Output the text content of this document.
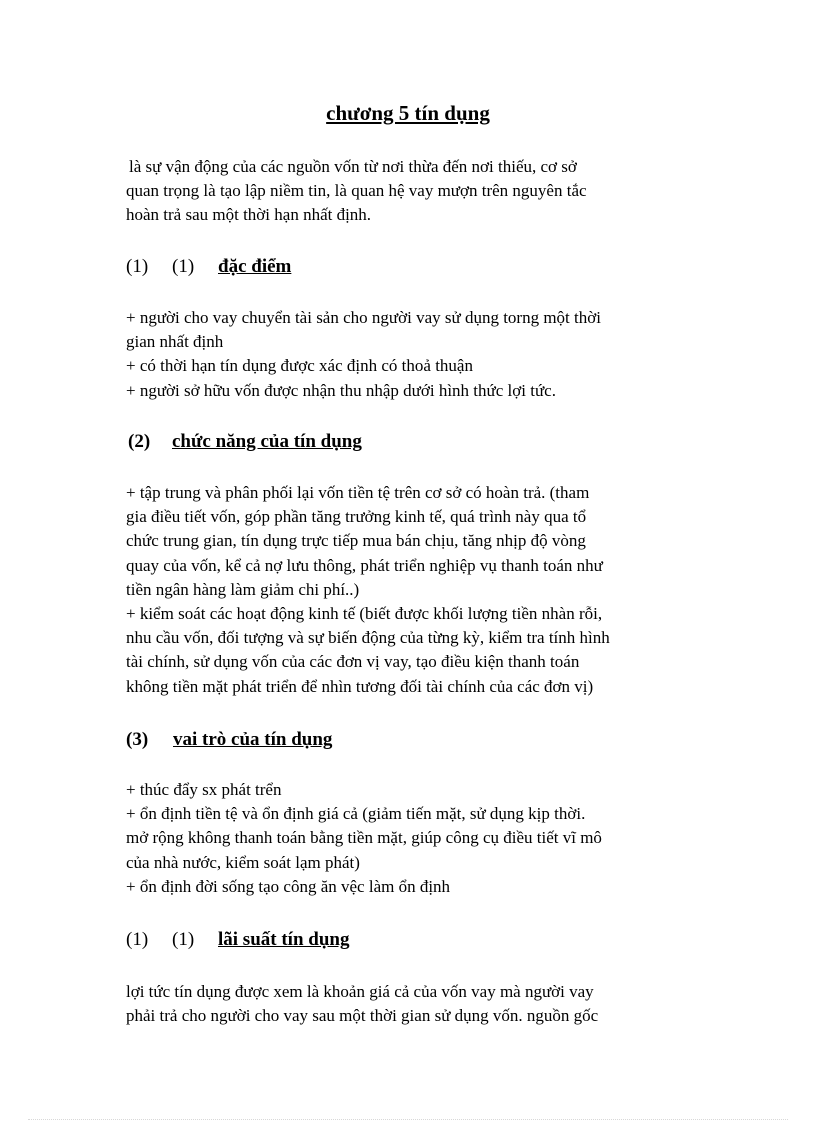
chương 5 tín dụng

là sự vận động của các nguồn vốn từ nơi thừa đến nơi thiếu, cơ sở
quan trọng là tạo lập niềm tin, là quan hệ vay mượn trên nguyên tắc
hoàn trả sau một thời hạn nhất định.

(1) (1) đặc điểm

+ người cho vay chuyển tài sản cho người vay sử dụng torng một thời
gian nhất định
+ có thời hạn tín dụng được xác định có thoả thuận
+ người sở hữu vốn được nhận thu nhập dưới hình thức lợi tức.

(2) chức năng của tín dụng

+ tập trung và phân phối lại vốn tiền tệ trên cơ sở có hoàn trả. (tham
gia điều tiết vốn, góp phần tăng trưởng kinh tế, quá trình này qua tổ
chức trung gian, tín dụng trực tiếp mua bán chịu, tăng nhịp độ vòng
quay của vốn, kể cả nợ lưu thông, phát triển nghiệp vụ thanh toán như
tiền ngân hàng làm giảm chi phí..)
+ kiểm soát các hoạt động kinh tế (biết được khối lượng tiền nhàn rỗi,
nhu cầu vốn, đối tượng và sự biến động của từng kỳ, kiểm tra tính hình
tài chính, sử dụng vốn của các đơn vị vay, tạo điều kiện thanh toán
không tiền mặt phát triển để nhìn tương đối tài chính của các đơn vị)

(3) vai trò của tín dụng

+ thúc đẩy sx phát trển
+ ổn định tiền tệ và ổn định giá cả (giảm tiến mặt, sử dụng kịp thời.
mở rộng không thanh toán bằng tiền mặt, giúp công cụ điều tiết vĩ mô
của nhà nước, kiểm soát lạm phát)
+ ổn định đời sống tạo công ăn vệc làm ổn định

(1) (1) lãi suất tín dụng

lợi tức tín dụng được xem là khoản giá cả của vốn vay mà người vay
phải trả cho người cho vay sau một thời gian sử dụng vốn. nguồn gốc
